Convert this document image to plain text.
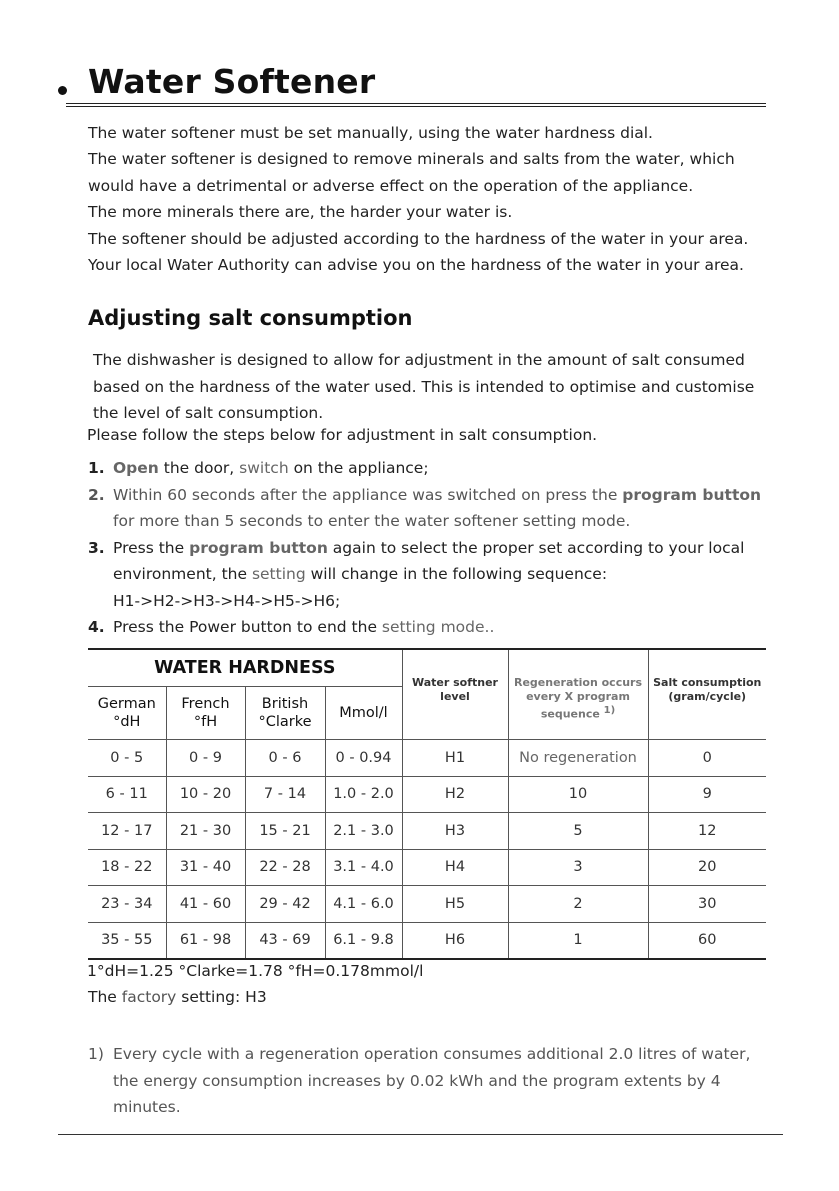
Water Softener

The water softener must be set manually, using the water hardness dial.

The water softener is designed to remove minerals and salts from the water, which

would have a detrimental or adverse effect on the operation of the appliance.

The more minerals there are, the harder your water is.

The softener should be adjusted according to the hardness of the water in your area.

Your local Water Authority can advise you on the hardness of the water in your area.

Adjusting salt consumption

The dishwasher is designed to allow for adjustment in the amount of salt consumed based on the hardness of the water used. This is intended to optimise and customise the level of salt consumption.

Please follow the steps below for adjustment in salt consumption.

1. Open the door, switch on the appliance;
2. Within 60 seconds after the appliance was switched on press the program button for more than 5 seconds to enter the water softener setting mode.
3. Press the program button again to select the proper set according to your local environment, the setting will change in the following sequence:
H1->H2->H3->H4->H5->H6;
4. Press the Power button to end the setting mode..
WATER HARDNESS				Water softner level	Regeneration occurs every X program sequence $^{1)}$	Salt consumption (gram/cycle)

German
°dH	French
°fH	British
°Clarke	Mmol/l			
0 - 5	0 - 9	0 - 6	0 - 0.94	H1	No regeneration	0
6 - 11	10 - 20	7 - 14	1.0 - 2.0	H2	10	9
12 - 17	21 - 30	15 - 21	2.1 - 3.0	H3	5	12
18 - 22	31 - 40	22 - 28	3.1 - 4.0	H4	3	20
23 - 34	41 - 60	29 - 42	4.1 - 6.0	H5	2	30
35 - 55	61 - 98	43 - 69	6.1 - 9.8	H6	1	60

1°dH=1.25 °Clarke=1.78 °fH=0.178mmol/l

The factory setting: H3

1) Every cycle with a regeneration operation consumes additional 2.0 litres of water, the energy consumption increases by 0.02 kWh and the program extents by 4 minutes.
